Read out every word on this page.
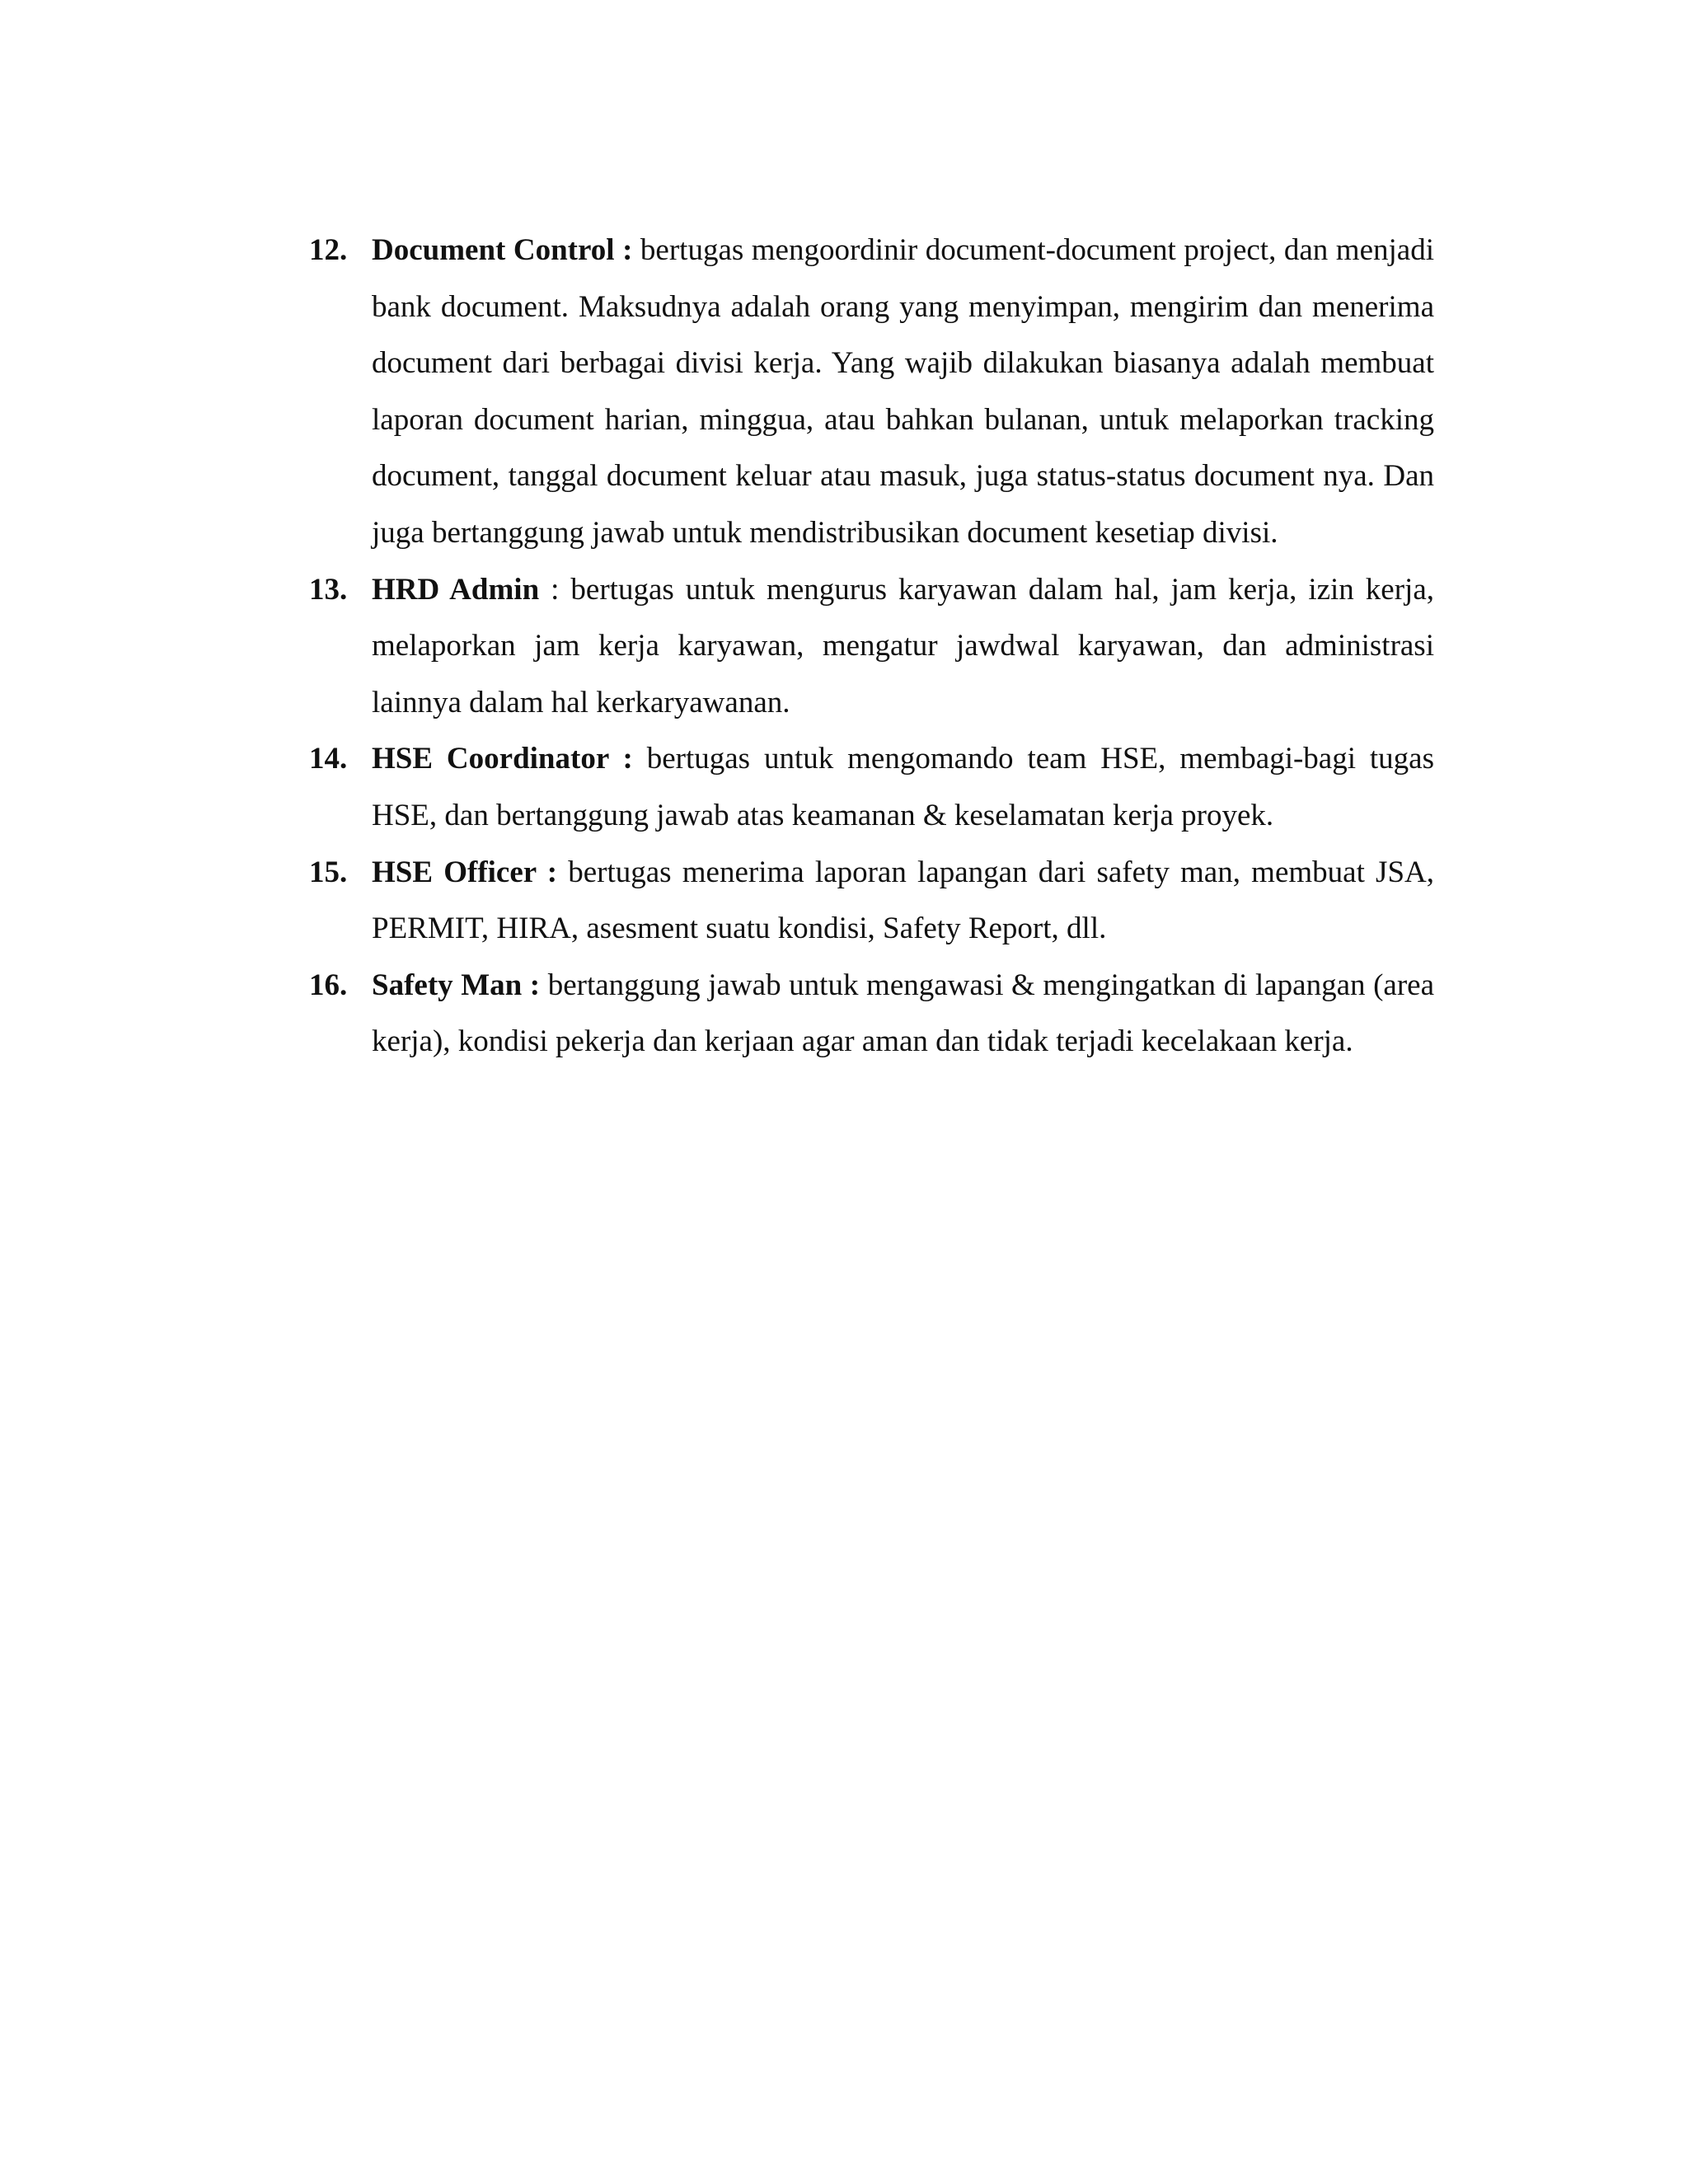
12. Document Control : bertugas mengoordinir document-document project, dan menjadi bank document. Maksudnya adalah orang yang menyimpan, mengirim dan menerima document dari berbagai divisi kerja. Yang wajib dilakukan biasanya adalah membuat laporan document harian, minggua, atau bahkan bulanan, untuk melaporkan tracking document, tanggal document keluar atau masuk, juga status-status document nya. Dan juga bertanggung jawab untuk mendistribusikan document kesetiap divisi.
13. HRD Admin : bertugas untuk mengurus karyawan dalam hal, jam kerja, izin kerja, melaporkan jam kerja karyawan, mengatur jawdwal karyawan, dan administrasi lainnya dalam hal kerkaryawanan.
14. HSE Coordinator : bertugas untuk mengomando team HSE, membagi-bagi tugas HSE, dan bertanggung jawab atas keamanan & keselamatan kerja proyek.
15. HSE Officer : bertugas menerima laporan lapangan dari safety man, membuat JSA, PERMIT, HIRA, asesment suatu kondisi, Safety Report, dll.
16. Safety Man : bertanggung jawab untuk mengawasi & mengingatkan di lapangan (area kerja), kondisi pekerja dan kerjaan agar aman dan tidak terjadi kecelakaan kerja.
